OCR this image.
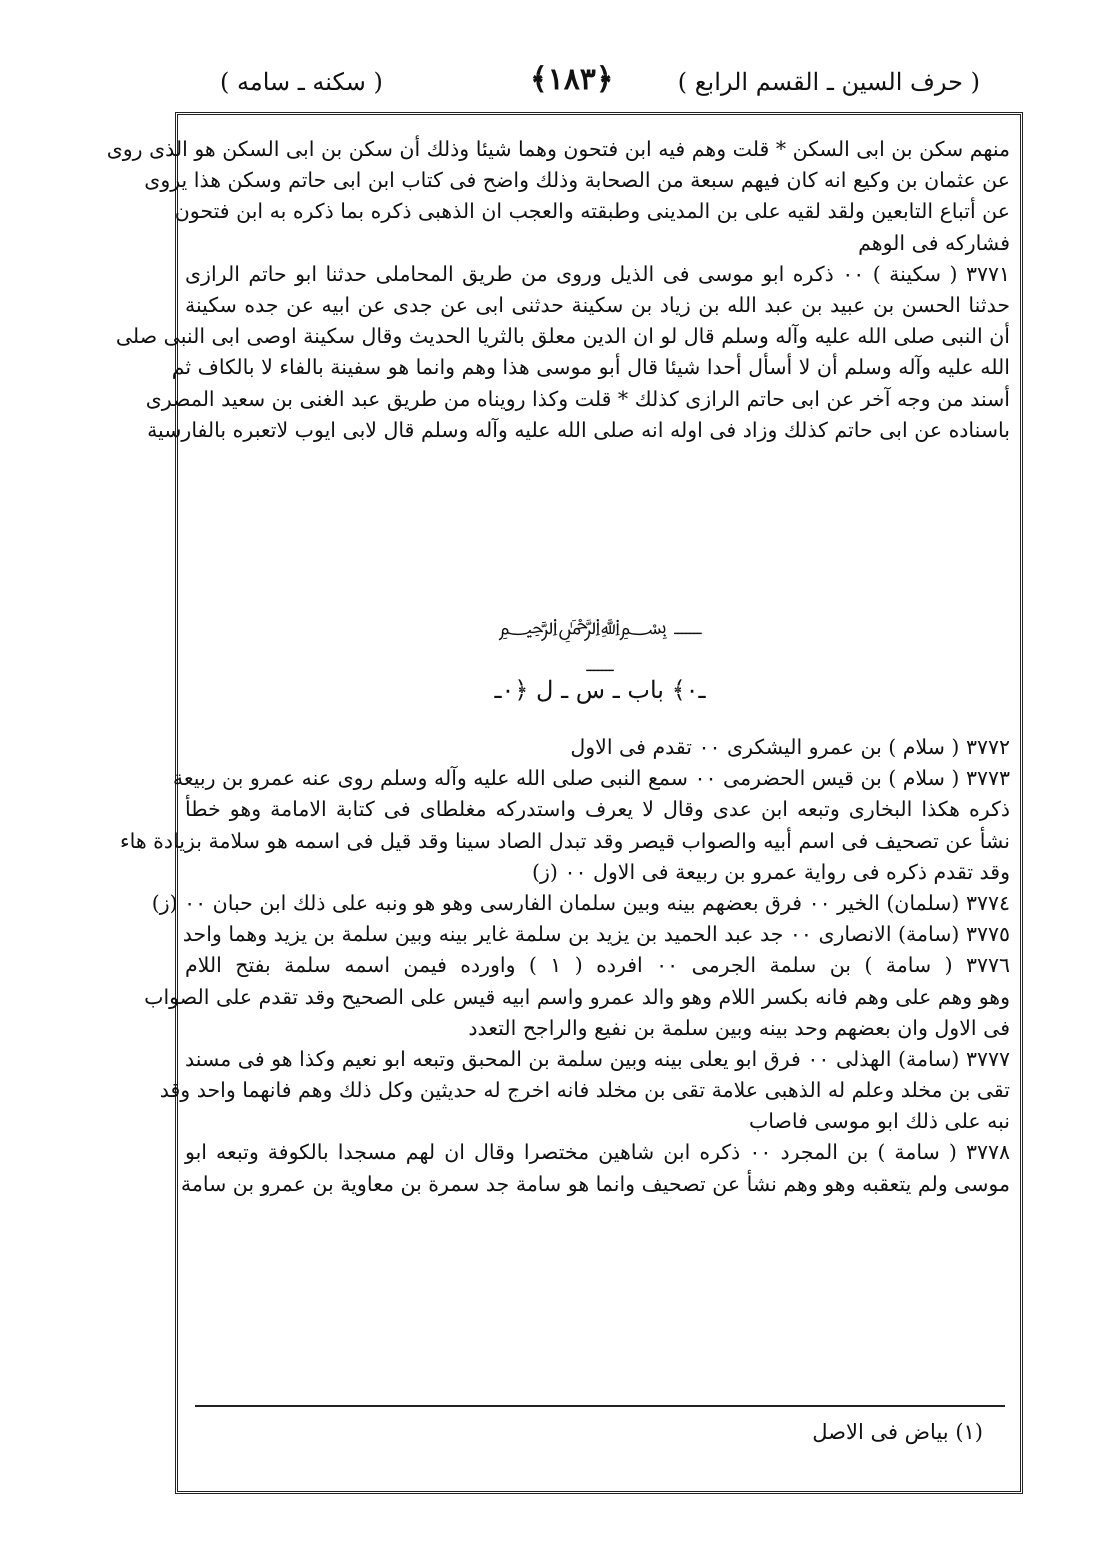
( حرف السين ـ القسم الرابع )
﴿١٨٣﴾
( سكنه ـ سامه )
منهم سكن بن ابى السكن * قلت وهم فيه ابن فتحون وهما شيئا وذلك أن سكن بن ابى السكن هو الذى روى
عن عثمان بن وكيع انه كان فيهم سبعة من الصحابة وذلك واضح فى كتاب ابن ابى حاتم وسكن هذا يروى
عن أتباع التابعين ولقد لقيه على بن المدينى وطبقته والعجب ان الذهبى ذكره بما ذكره به ابن فتحون
فشاركه فى الوهم
٣٧٧١ ( سكينة ) ٠٠ ذكره ابو موسى فى الذيل وروى من طريق المحاملى حدثنا ابو حاتم الرازى
حدثنا الحسن بن عبيد بن عبد الله بن زياد بن سكينة حدثنى ابى عن جدى عن ابيه عن جده سكينة
أن النبى صلى الله عليه وآله وسلم قال لو ان الدين معلق بالثريا الحديث وقال سكينة اوصى ابى النبى صلى
الله عليه وآله وسلم أن لا أسأل أحدا شيئا قال أبو موسى هذا وهم وانما هو سفينة بالفاء لا بالكاف ثم
أسند من وجه آخر عن ابى حاتم الرازى كذلك * قلت وكذا رويناه من طريق عبد الغنى بن سعيد المصرى
باسناده عن ابى حاتم كذلك وزاد فى اوله انه صلى الله عليه وآله وسلم قال لابى ايوب لاتعبره بالفارسية
ـــــــ ﷽ ـــــــ
ـ٠﴾ باب ـ س ـ ل ﴿٠ـ
٣٧٧٢ ( سلام ) بن عمرو اليشكرى ٠٠ تقدم فى الاول
٣٧٧٣ ( سلام ) بن قيس الحضرمى ٠٠ سمع النبى صلى الله عليه وآله وسلم روى عنه عمرو بن ربيعة
ذكره هكذا البخارى وتبعه ابن عدى وقال لا يعرف واستدركه مغلطاى فى كتابة الامامة وهو خطأ
نشأ عن تصحيف فى اسم أبيه والصواب قيصر وقد تبدل الصاد سينا وقد قيل فى اسمه هو سلامة بزيادة هاء
وقد تقدم ذكره فى رواية عمرو بن ربيعة فى الاول ٠٠ (ز)
٣٧٧٤ (سلمان) الخير ٠٠ فرق بعضهم بينه وبين سلمان الفارسى وهو هو ونبه على ذلك ابن حبان ٠٠ (ز)
٣٧٧٥ (سامة) الانصارى ٠٠ جد عبد الحميد بن يزيد بن سلمة غاير بينه وبين سلمة بن يزيد وهما واحد
٣٧٧٦ ( سامة ) بن سلمة الجرمى ٠٠ افرده ( ١ ) واورده فيمن اسمه سلمة بفتح اللام
وهو وهم على وهم فانه بكسر اللام وهو والد عمرو واسم ابيه قيس على الصحيح وقد تقدم على الصواب
فى الاول وان بعضهم وحد بينه وبين سلمة بن نفيع والراجح التعدد
٣٧٧٧ (سامة) الهذلى ٠٠ فرق ابو يعلى بينه وبين سلمة بن المحبق وتبعه ابو نعيم وكذا هو فى مسند
تقى بن مخلد وعلم له الذهبى علامة تقى بن مخلد فانه اخرج له حديثين وكل ذلك وهم فانهما واحد وقد
نبه على ذلك ابو موسى فاصاب
٣٧٧٨ ( سامة ) بن المجرد ٠٠ ذكره ابن شاهين مختصرا وقال ان لهم مسجدا بالكوفة وتبعه ابو
موسى ولم يتعقبه وهو وهم نشأ عن تصحيف وانما هو سامة جد سمرة بن معاوية بن عمرو بن سامة
(١) بياض فى الاصل
